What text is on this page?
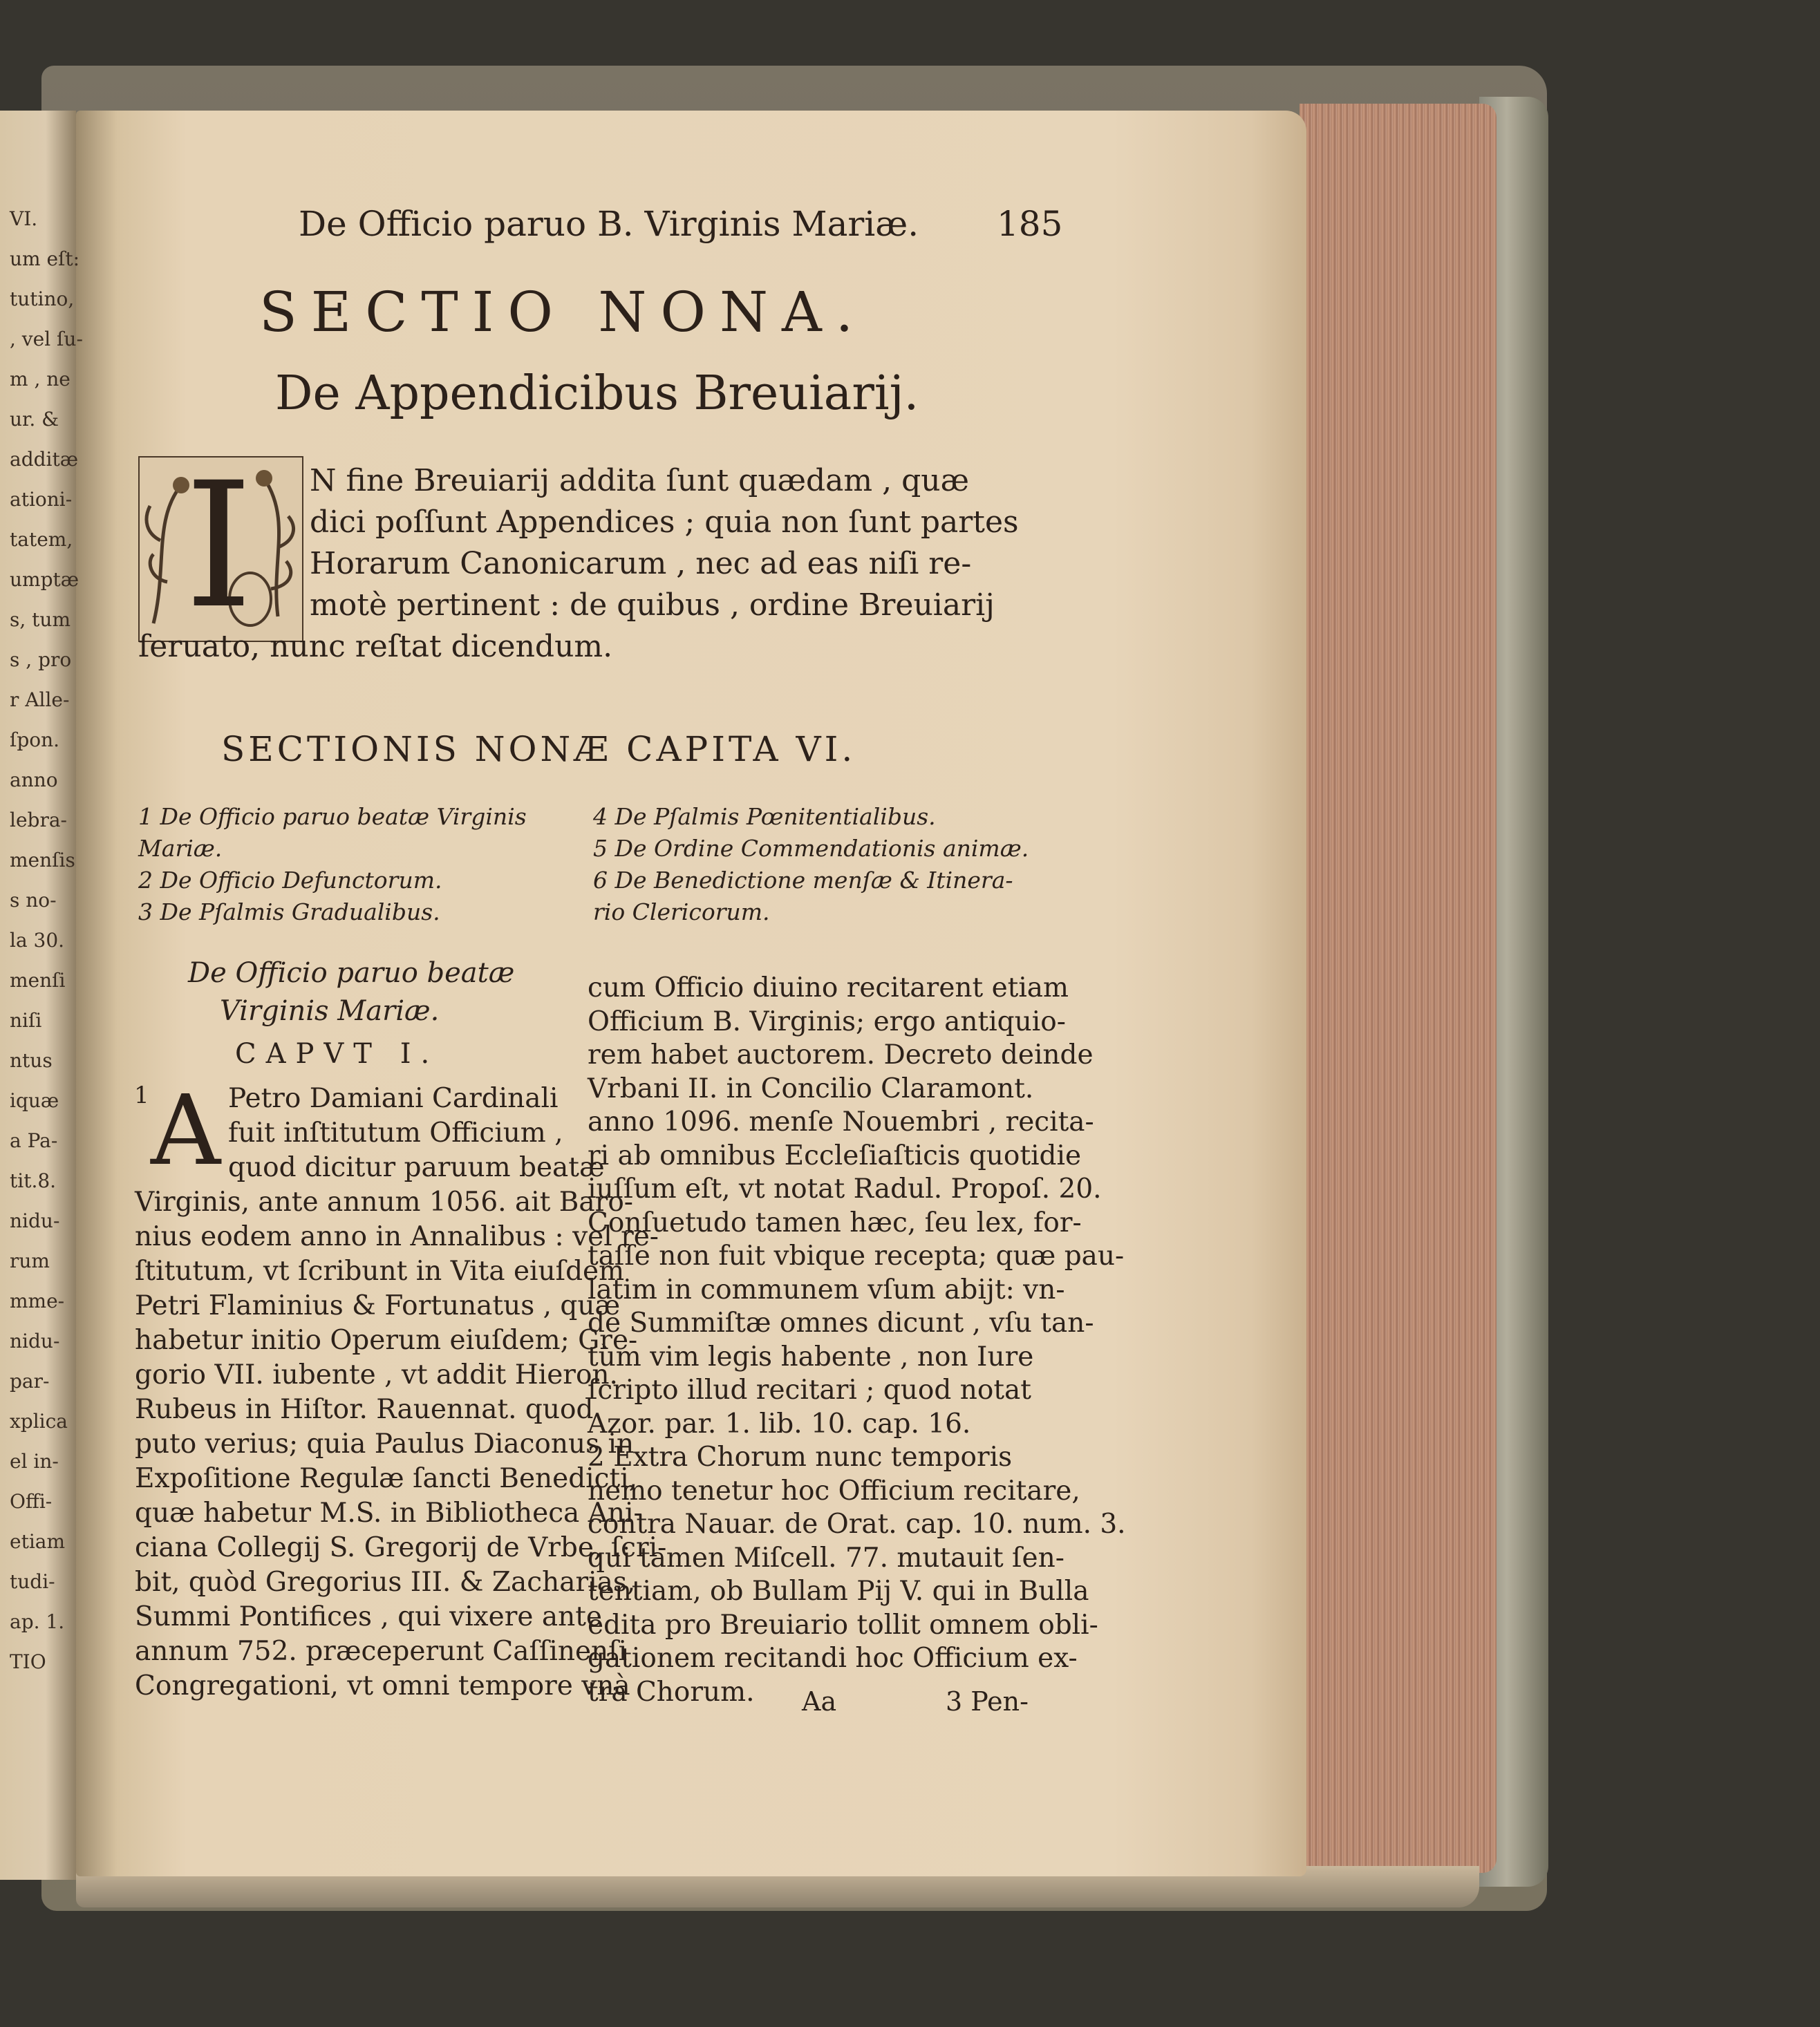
VI.
um eſt:
tutino,
, vel ſu-
m , ne
ur. &
additæ
ationi-
tatem,
umptæ
s, tum
s , pro
r Alle-
ſpon.
anno
lebra-
menſis
s no-
la 30.
menſi
niſi
ntus
iquæ
a Pa-
tit.8.
nidu-
rum
mme-
nidu-
par-
xplica
el in-
Offi-
etiam
tudi-
ap. 1.
TIO
De Officio paruo B. Virginis Mariæ. 185
SECTIO NONA.
De Appendicibus Breuiarij.
I N fine Breuiarij addita ſunt quædam , quæ
dici poſſunt Appendices ; quia non ſunt partes
Horarum Canonicarum , nec ad eas niſi re-
motè pertinent : de quibus , ordine Breuiarij
ſeruato, nunc reſtat dicendum.
SECTIONIS NONÆ CAPITA VI.
1 De Officio paruo beatæ Virginis
Mariæ.
2 De Officio Defunctorum.
3 De Pſalmis Gradualibus.
4 De Pſalmis Pœnitentialibus.
5 De Ordine Commendationis animæ.
6 De Benedictione menſæ & Itinera-
rio Clericorum.
De Officio paruo beatæ
Virginis Mariæ.
CAPVT I.
1 A Petro Damiani Cardinali
fuit inſtitutum Officium ,
quod dicitur paruum beatæ
Virginis, ante annum 1056. ait Baro-
nius eodem anno in Annalibus : vel re-
ſtitutum, vt ſcribunt in Vita eiuſdem
Petri Flaminius & Fortunatus , quæ
habetur initio Operum eiuſdem; Gre-
gorio VII. iubente , vt addit Hieron.
Rubeus in Hiſtor. Rauennat. quod
puto verius; quia Paulus Diaconus in
Expoſitione Regulæ ſancti Benedicti,
quæ habetur M.S. in Bibliotheca Ani-
ciana Collegij S. Gregorij de Vrbe, ſcri-
bit, quòd Gregorius III. & Zacharias,
Summi Pontifices , qui vixere ante
annum 752. præceperunt Caſſinenſi
Congregationi, vt omni tempore vnà
cum Officio diuino recitarent etiam
Officium B. Virginis; ergo antiquio-
rem habet auctorem. Decreto deinde
Vrbani II. in Concilio Claramont.
anno 1096. menſe Nouembri , recita-
ri ab omnibus Eccleſiaſticis quotidie
iuſſum eſt, vt notat Radul. Propoſ. 20.
Conſuetudo tamen hæc, ſeu lex, for-
taſſe non fuit vbique recepta; quæ pau-
latim in communem vſum abijt: vn-
de Summiſtæ omnes dicunt , vſu tan-
tùm vim legis habente , non Iure
ſcripto illud recitari ; quod notat
Azor. par. 1. lib. 10. cap. 16.
2 Extra Chorum nunc temporis
nemo tenetur hoc Officium recitare,
contra Nauar. de Orat. cap. 10. num. 3.
qui tamen Miſcell. 77. mutauit ſen-
tentiam, ob Bullam Pij V. qui in Bulla
edita pro Breuiario tollit omnem obli-
gationem recitandi hoc Officium ex-
tra Chorum. Aa	3 Pen-
